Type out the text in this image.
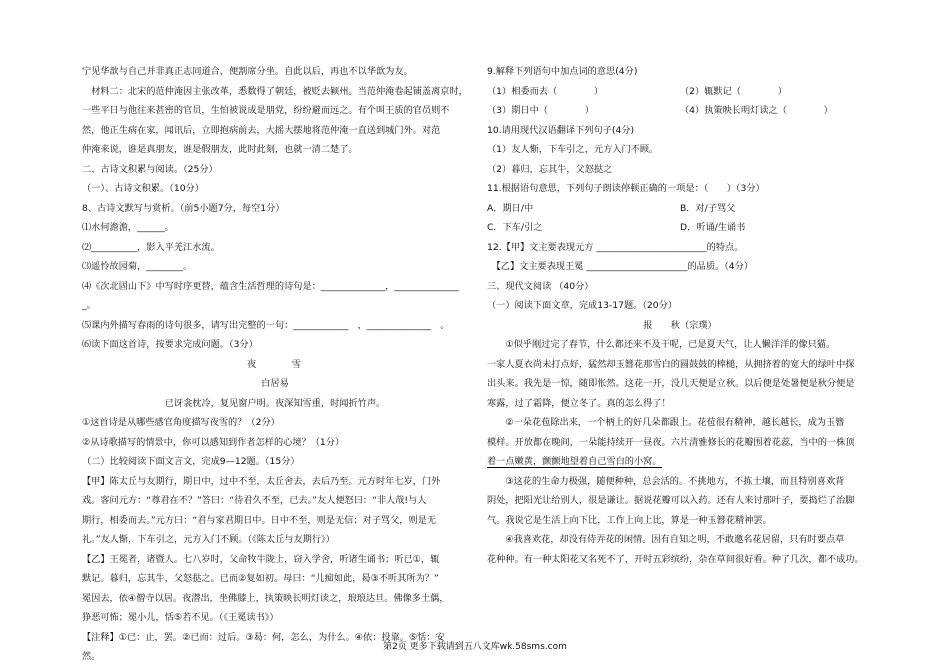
宁见华歆与自己并非真正志同道合，便割席分坐。自此以后，再也不以华歆为友。
　材料二：北宋的范仲淹因主张改革，悉数得了朝廷，被贬去颍州。当范仲淹卷起铺盖离京时，
一些平日与他往来甚密的官员，生怕被说成是朋党，纷纷避而远之。有个叫王质的官员则不
然，他正生病在家，闻讯后，立即抱病前去，大摇大摆地将范仲淹一直送到城门外。对范
仲淹来说，谁是真朋友，谁是假朋友，此时此刻，也就一清二楚了。
二、古诗文积累与阅读。（25分）
（一）、古诗文积累。（10分）
8、古诗文默写与赏析。（前5小题7分，每空1分）
⑴水何澹澹，______。
⑵__________，影入平羌江水流。
⑶遥怜故园菊，________。
⑷《次北固山下》中写时序更替，蕴含生活哲理的诗句是：______________，______________
_。
⑸课内外描写春雨的诗句很多，请写出完整的一句：____________　，______________　。
⑹读下面这首诗，按要求完成问题。（3分）
夜　　　雪
白居易
已讶衾枕冷，复见窗户明。夜深知雪重，时闻折竹声。
①这首诗是从哪些感官角度描写夜雪的？（2分）
②从诗歌描写的情景中，你可以感知到作者怎样的心境？（1分）
（二）比较阅读下面文言文，完成9—12题。（15分）
【甲】陈太丘与友期行，期日中，过中不至，太丘舍去，去后乃至。元方时年七岁，门外
戏。客问元方：“尊君在不？”答曰：“待君久不至，已去。”友人便怒曰：“非人哉!与人
期行，相委而去。”元方曰：“君与家君期日中。日中不至，则是无信；对子骂父，则是无
礼。”友人惭，下车引之，元方入门不顾。（《陈太丘与友期行》）
【乙】王冕者，诸暨人。七八岁时，父命牧牛陇上，窃入学舍，听诸生诵书；听已①，辄
默记。暮归，忘其牛，父怒挞之。已而②复如初。母曰：“儿痴如此，曷③不听其所为？”
冕因去，依④僧寺以居。夜潜出，坐佛膝上，执策映长明灯读之，琅琅达旦。佛像多土偶，
狰恶可怖；冕小儿，恬⑤若不见。（《王冕读书》）
【注释】①已：止，罢。②已而：过后。③曷：何，怎么，为什么。④依：投靠。⑤恬：安
然。
9.解释下列语句中加点词的意思(4分)
（1）相委而去（　　　　）	（2）辄默记（　　　　）
（3）期日中（　　　　）	（4）执策映长明灯读之（　　　　）
10.请用现代汉语翻译下列句子(4分)
（1）友人惭，下车引之，元方入门不顾。
（2）暮归，忘其牛，父怒挞之
11.根据语句意思，下列句子朗读停顿正确的一项是：（　　）（3分）
A．期日/中	B．对/子骂父
C．下车/引之	D．听诵/生诵书
12.【甲】文主要表现元方 ________________________的特点。
　【乙】文主要表现王冕 ______________________的品质。（4分）
三、现代文阅读 （40分）
（一）阅读下面文章，完成13-17题。（20分）
报　　秋（宗璞）
　　①似乎刚过完了春节，什么都还来不及干呢，已是夏天气，让人懒洋洋的像只猫。
一家人夏衣尚未打点好，猛然却玉簪花那雪白的圆鼓鼓的棒槌，从拥挤着的宽大的绿叶中探
出头来。我先是一惊，随即怅然。这花一开，没几天便是立秋。以后便是处暑便是秋分便是
寒露，过了霜降，便立冬了。真的怎么得了！
　　②一朵花苞除出来，一个柄上的好几朵都跟上。花苞很有精神，越长越长，成为玉簪
模样。开放都在晚间，一朵能持续开一昼夜。六片清雅修长的花瓣围着花蕊，当中的一株顶
着一点嫩黄，颤颤地望着自己雪白的小窝。
　　③这花的生命力极强，随便种种，总会活的。不挑地方，不拣土壤，而且特别喜欢背
阴处，把阳光让给别人，很是谦让。据说花瓣可以入药。还有人来讨那叶子，要捣烂了治脚
气。我说它是生活上向下比，工作上向上比，算是一种玉簪花精神罢。
　　④我喜欢花，却没有侍弄花的闲情。因有自知之明，不敢邀名花居留，只有时要点草
花种种。有一种太阳花又名死不了，开时五彩缤纷，杂在草间很好看。种了几次，都不成功。
第2页 更多下载请到五八文库wk.58sms.com
